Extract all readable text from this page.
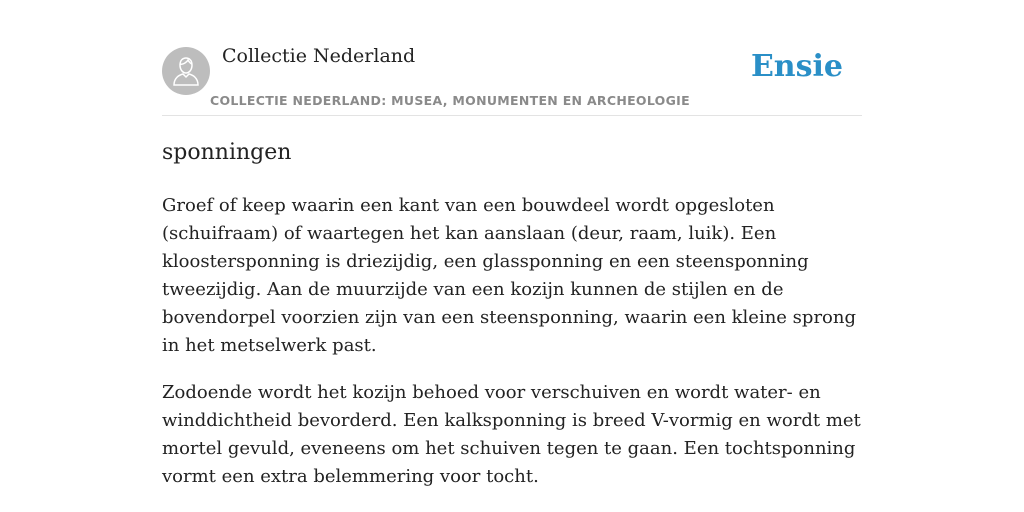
Collectie Nederland
COLLECTIE NEDERLAND: MUSEA, MONUMENTEN EN ARCHEOLOGIE
Ensie
sponningen

Groef of keep waarin een kant van een bouwdeel wordt opgesloten (schuifraam) of waartegen het kan aanslaan (deur, raam, luik). Een kloostersponning is driezijdig, een glassponning en een steensponning tweezijdig. Aan de muurzijde van een kozijn kunnen de stijlen en de bovendorpel voorzien zijn van een steensponning, waarin een kleine sprong in het metselwerk past.

Zodoende wordt het kozijn behoed voor verschuiven en wordt water- en winddichtheid bevorderd. Een kalksponning is breed V-vormig en wordt met mortel gevuld, eveneens om het schuiven tegen te gaan. Een tochtsponning vormt een extra belemmering voor tocht.
